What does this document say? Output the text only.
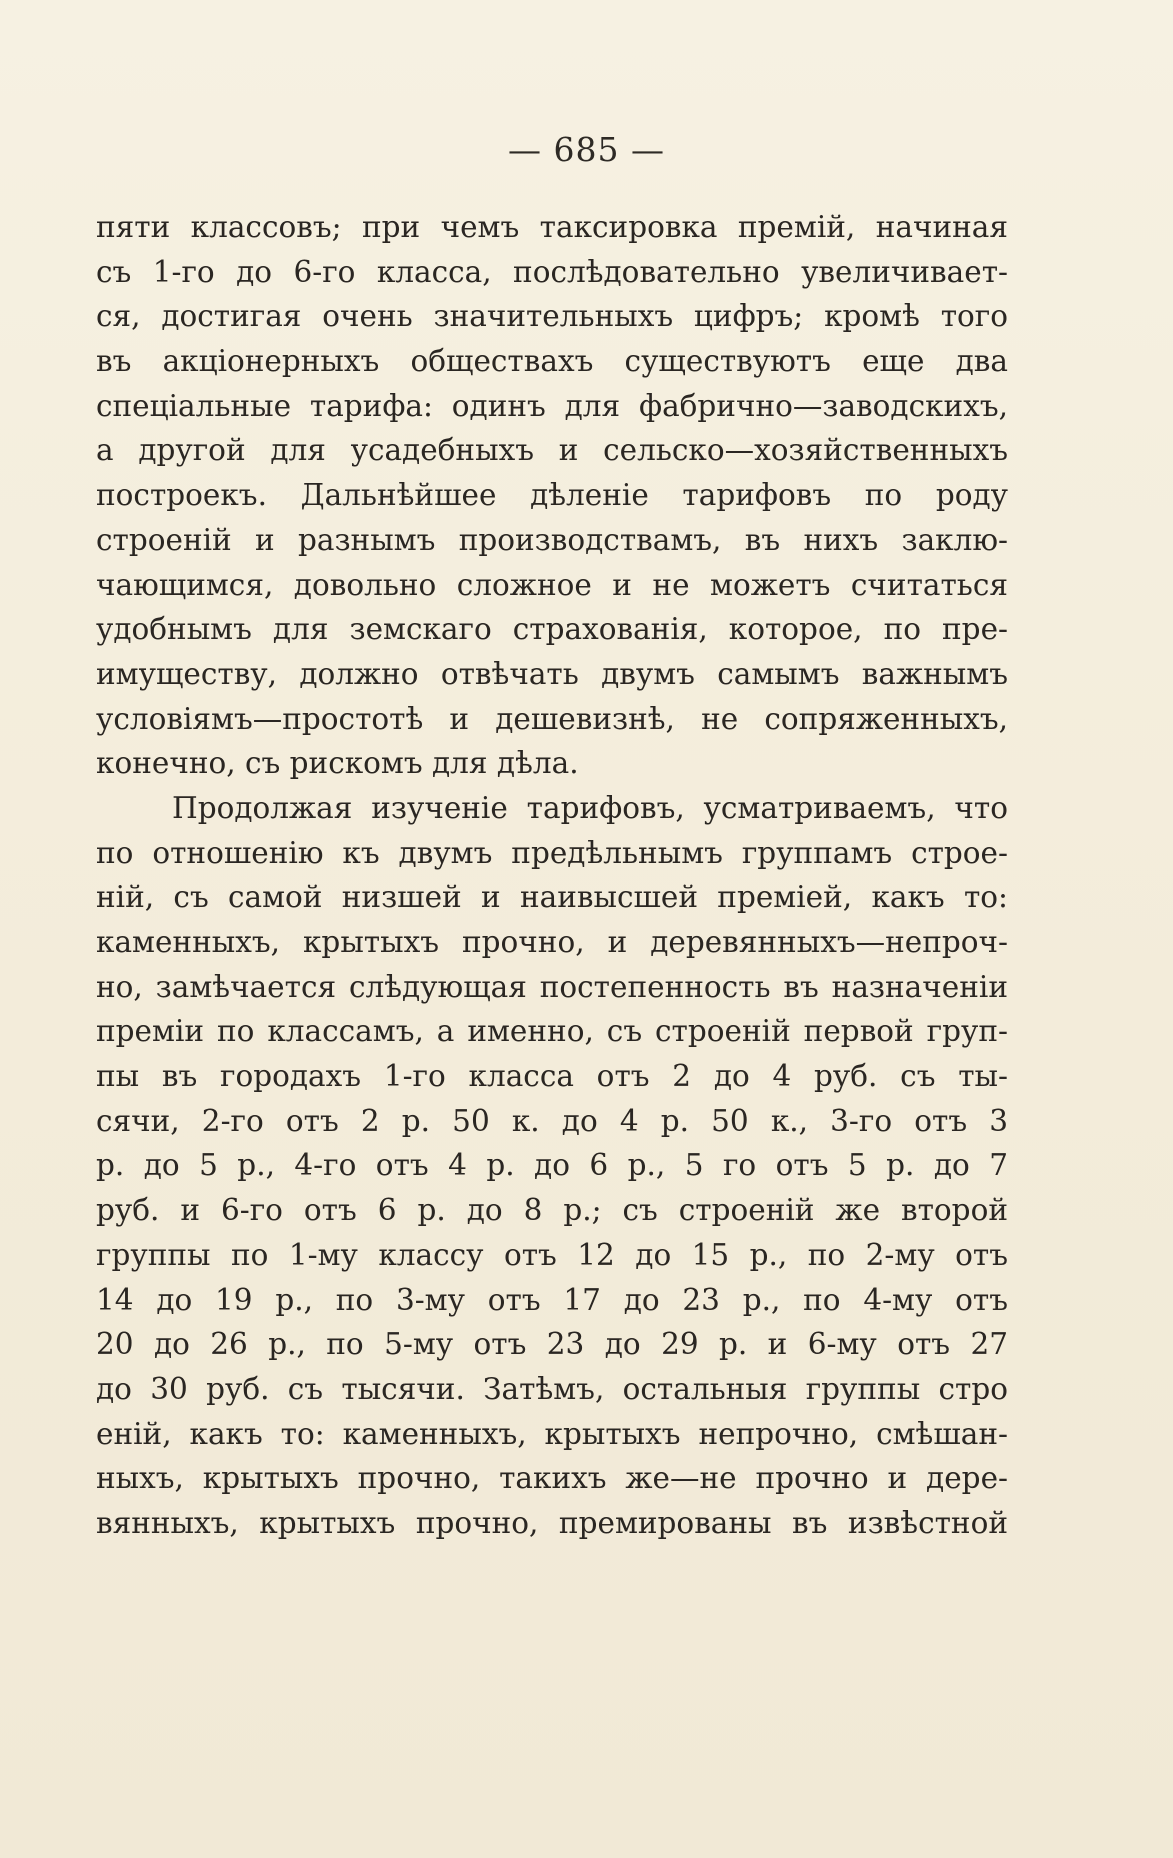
— 685 —
пяти классовъ; при чемъ таксировка премій, начиная
съ 1-го до 6-го класса, послѣдовательно увеличивает-
ся, достигая очень значительныхъ цифръ; кромѣ того
въ акціонерныхъ обществахъ существуютъ еще два
спеціальные тарифа: одинъ для фабрично—заводскихъ,
а другой для усадебныхъ и сельско—хозяйственныхъ
построекъ. Дальнѣйшее дѣленіе тарифовъ по роду
строеній и разнымъ производствамъ, въ нихъ заклю-
чающимся, довольно сложное и не можетъ считаться
удобнымъ для земскаго страхованія, которое, по пре-
имуществу, должно отвѣчать двумъ самымъ важнымъ
условіямъ—простотѣ и дешевизнѣ, не сопряженныхъ,
конечно, съ рискомъ для дѣла.
Продолжая изученіе тарифовъ, усматриваемъ, что
по отношенію къ двумъ предѣльнымъ группамъ строе-
ній, съ самой низшей и наивысшей преміей, какъ то:
каменныхъ, крытыхъ прочно, и деревянныхъ—непроч-
но, замѣчается слѣдующая постепенность въ назначеніи
преміи по классамъ, а именно, съ строеній первой груп-
пы въ городахъ 1-го класса отъ 2 до 4 руб. съ ты-
сячи, 2-го отъ 2 р. 50 к. до 4 р. 50 к., 3-го отъ 3
р. до 5 р., 4-го отъ 4 р. до 6 р., 5 го отъ 5 р. до 7
руб. и 6-го отъ 6 р. до 8 р.; съ строеній же второй
группы по 1-му классу отъ 12 до 15 р., по 2-му отъ
14 до 19 р., по 3-му отъ 17 до 23 р., по 4-му отъ
20 до 26 р., по 5-му отъ 23 до 29 р. и 6-му отъ 27
до 30 руб. съ тысячи. Затѣмъ, остальныя группы стро
еній, какъ то: каменныхъ, крытыхъ непрочно, смѣшан-
ныхъ, крытыхъ прочно, такихъ же—не прочно и дере-
вянныхъ, крытыхъ прочно, премированы въ извѣстной
